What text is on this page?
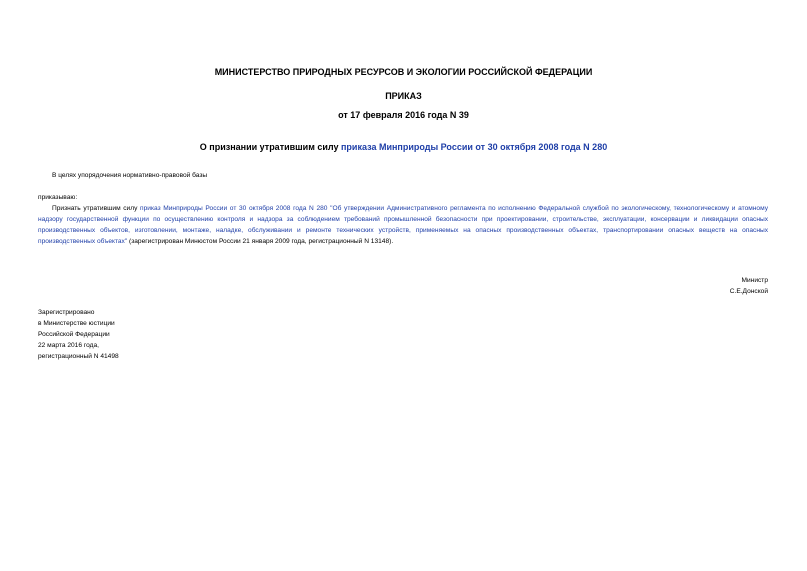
МИНИСТЕРСТВО ПРИРОДНЫХ РЕСУРСОВ И ЭКОЛОГИИ РОССИЙСКОЙ ФЕДЕРАЦИИ
ПРИКАЗ
от 17 февраля 2016 года N 39
О признании утратившим силу приказа Минприроды России от 30 октября 2008 года N 280
В целях упорядочения нормативно-правовой базы
приказываю:
Признать утратившим силу приказ Минприроды России от 30 октября 2008 года N 280 "Об утверждении Административного регламента по исполнению Федеральной службой по экологическому, технологическому и атомному надзору государственной функции по осуществлению контроля и надзора за соблюдением требований промышленной безопасности при проектировании, строительстве, эксплуатации, консервации и ликвидации опасных производственных объектов, изготовлении, монтаже, наладке, обслуживании и ремонте технических устройств, применяемых на опасных производственных объектах, транспортировании опасных веществ на опасных производственных объектах" (зарегистрирован Минюстом России 21 января 2009 года, регистрационный N 13148).
Министр
С.Е.Донской
Зарегистрировано
в Министерстве юстиции
Российской Федерации
22 марта 2016 года,
регистрационный N 41498
